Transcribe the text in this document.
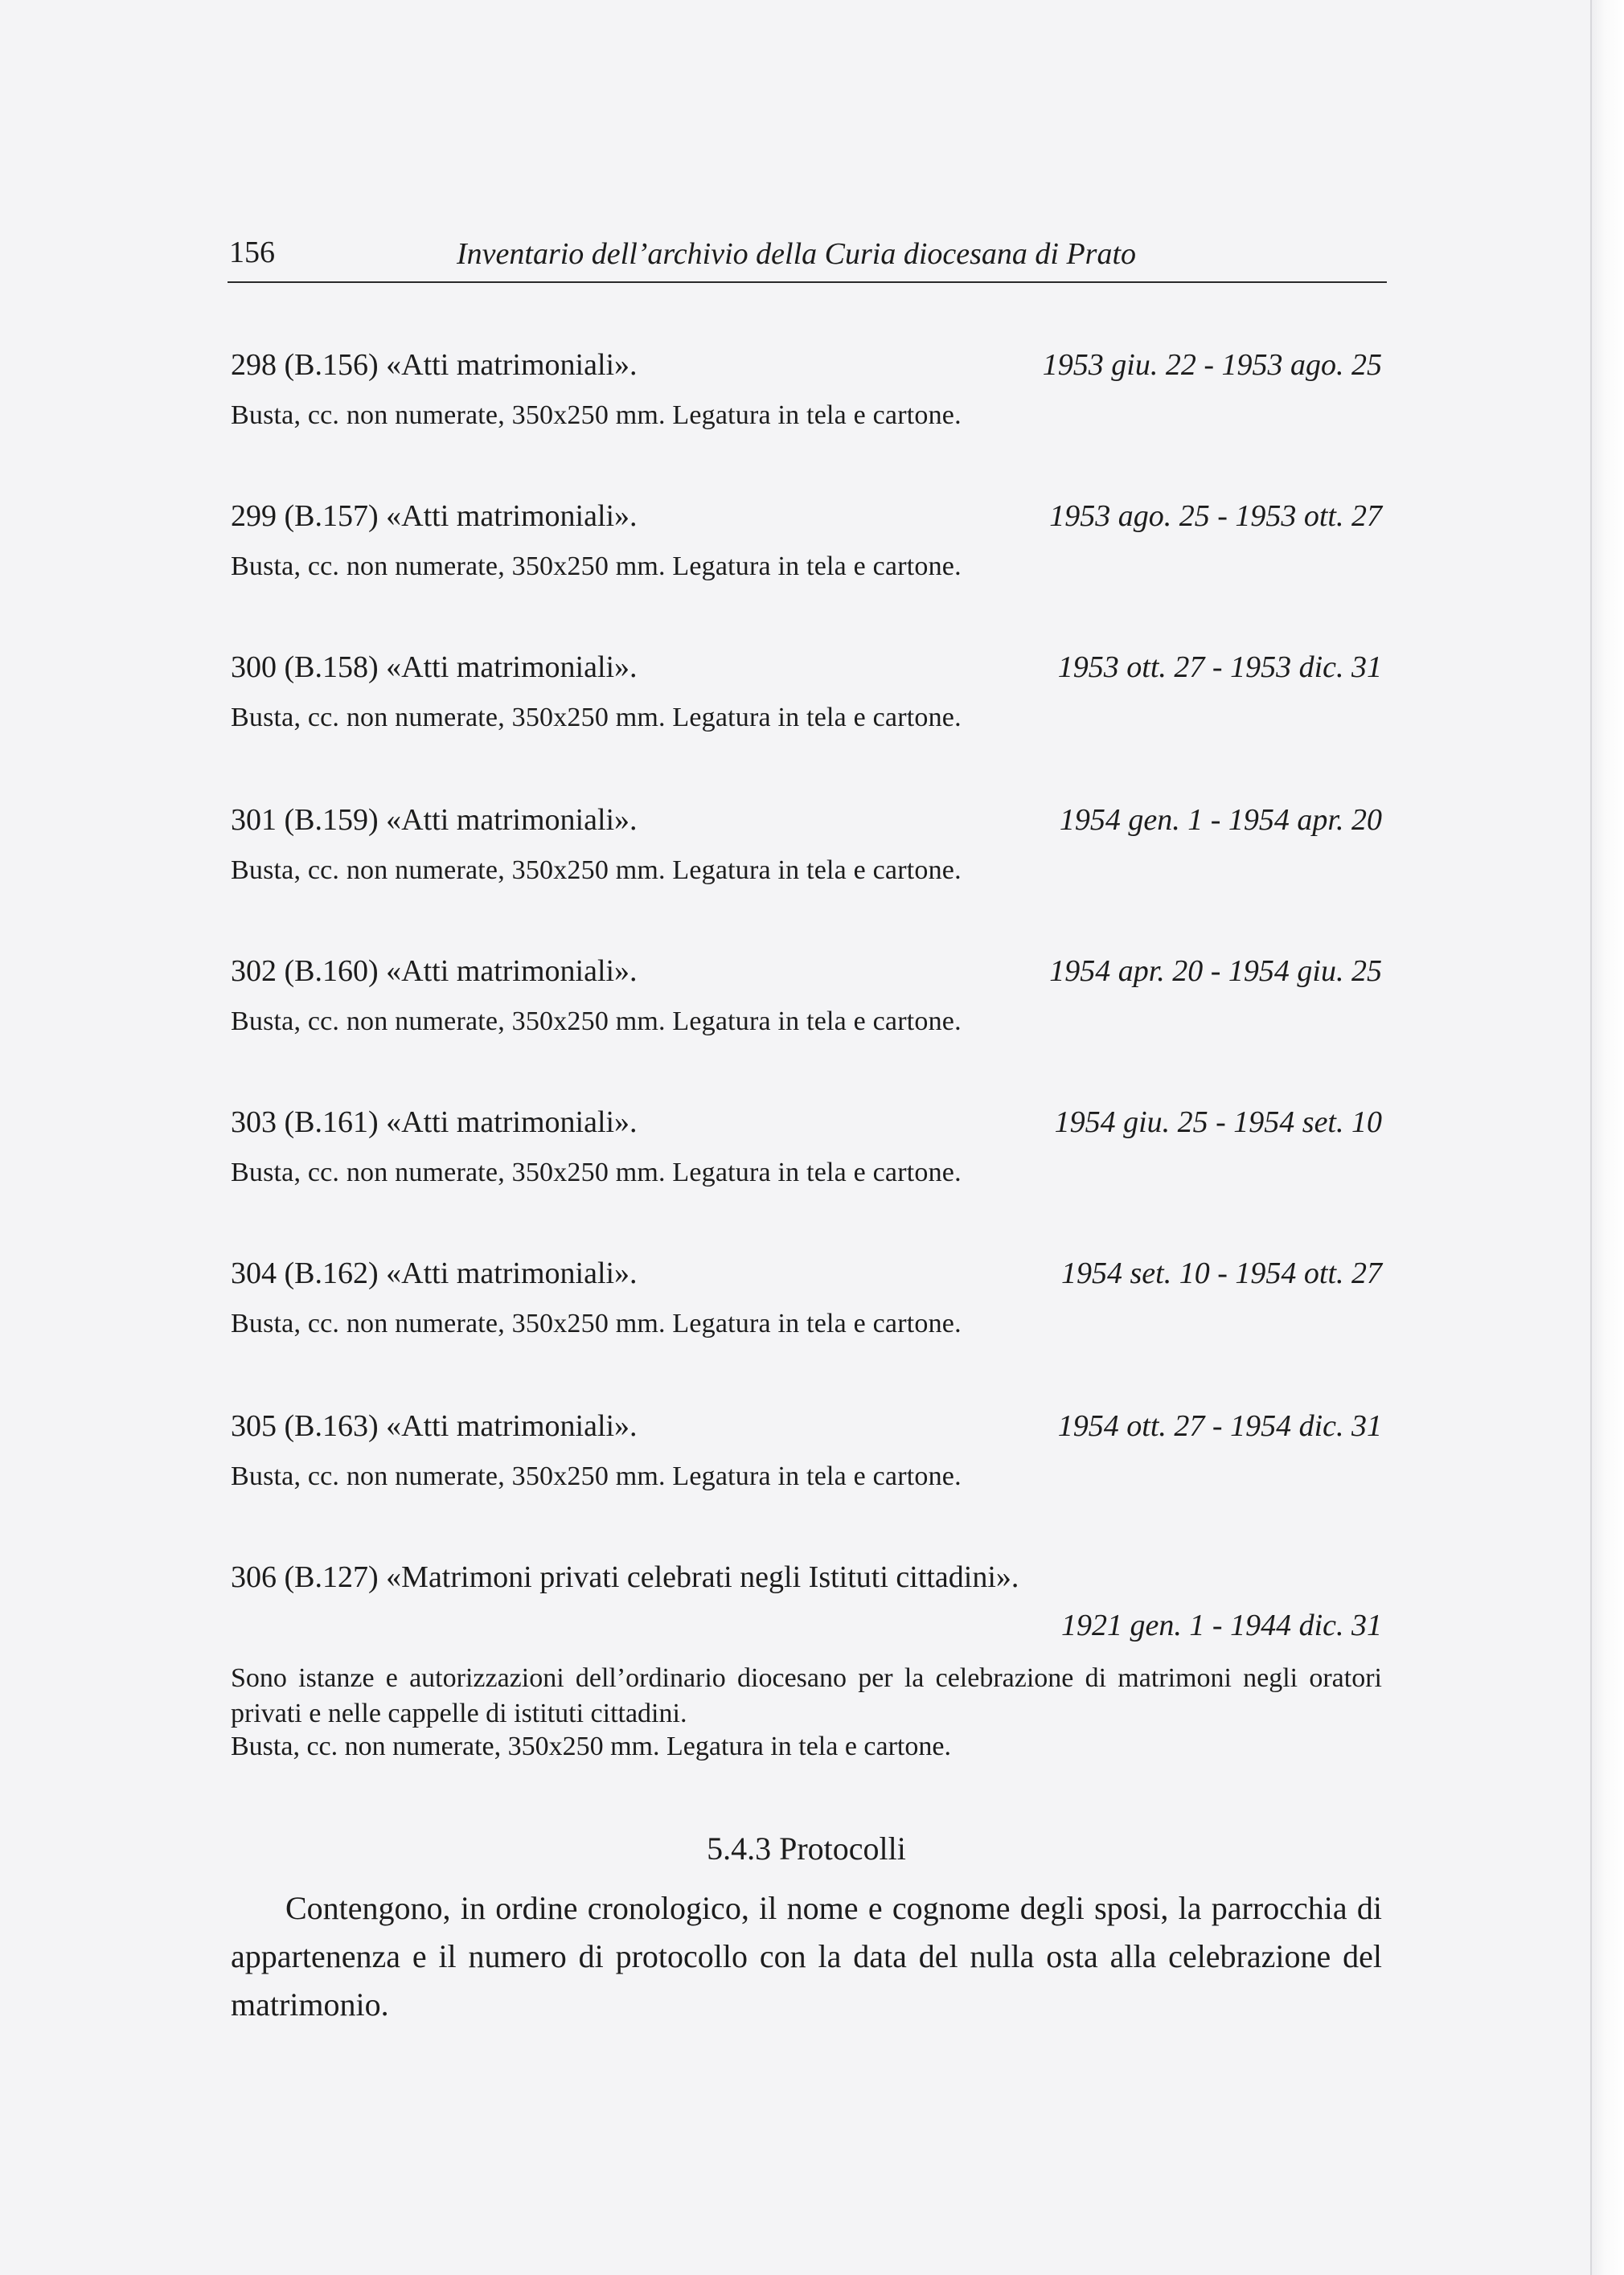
156	Inventario dell’archivio della Curia diocesana di Prato
298 (B.156) «Atti matrimoniali».	1953 giu. 22 - 1953 ago. 25
Busta, cc. non numerate, 350x250 mm. Legatura in tela e cartone.
299 (B.157) «Atti matrimoniali».	1953 ago. 25 - 1953 ott. 27
Busta, cc. non numerate, 350x250 mm. Legatura in tela e cartone.
300 (B.158) «Atti matrimoniali».	1953 ott. 27 - 1953 dic. 31
Busta, cc. non numerate, 350x250 mm. Legatura in tela e cartone.
301 (B.159) «Atti matrimoniali».	1954 gen. 1 - 1954 apr. 20
Busta, cc. non numerate, 350x250 mm. Legatura in tela e cartone.
302 (B.160) «Atti matrimoniali».	1954 apr. 20 - 1954 giu. 25
Busta, cc. non numerate, 350x250 mm. Legatura in tela e cartone.
303 (B.161) «Atti matrimoniali».	1954 giu. 25 - 1954 set. 10
Busta, cc. non numerate, 350x250 mm. Legatura in tela e cartone.
304 (B.162) «Atti matrimoniali».	1954 set. 10 - 1954 ott. 27
Busta, cc. non numerate, 350x250 mm. Legatura in tela e cartone.
305 (B.163) «Atti matrimoniali».	1954 ott. 27 - 1954 dic. 31
Busta, cc. non numerate, 350x250 mm. Legatura in tela e cartone.
306 (B.127) «Matrimoni privati celebrati negli Istituti cittadini».
1921 gen. 1 - 1944 dic. 31
Sono istanze e autorizzazioni dell’ordinario diocesano per la celebrazione di matrimoni negli oratori privati e nelle cappelle di istituti cittadini.
Busta, cc. non numerate, 350x250 mm. Legatura in tela e cartone.
5.4.3 Protocolli
Contengono, in ordine cronologico, il nome e cognome degli sposi, la parrocchia di appartenenza e il numero di protocollo con la data del nulla osta alla celebrazione del matrimonio.
